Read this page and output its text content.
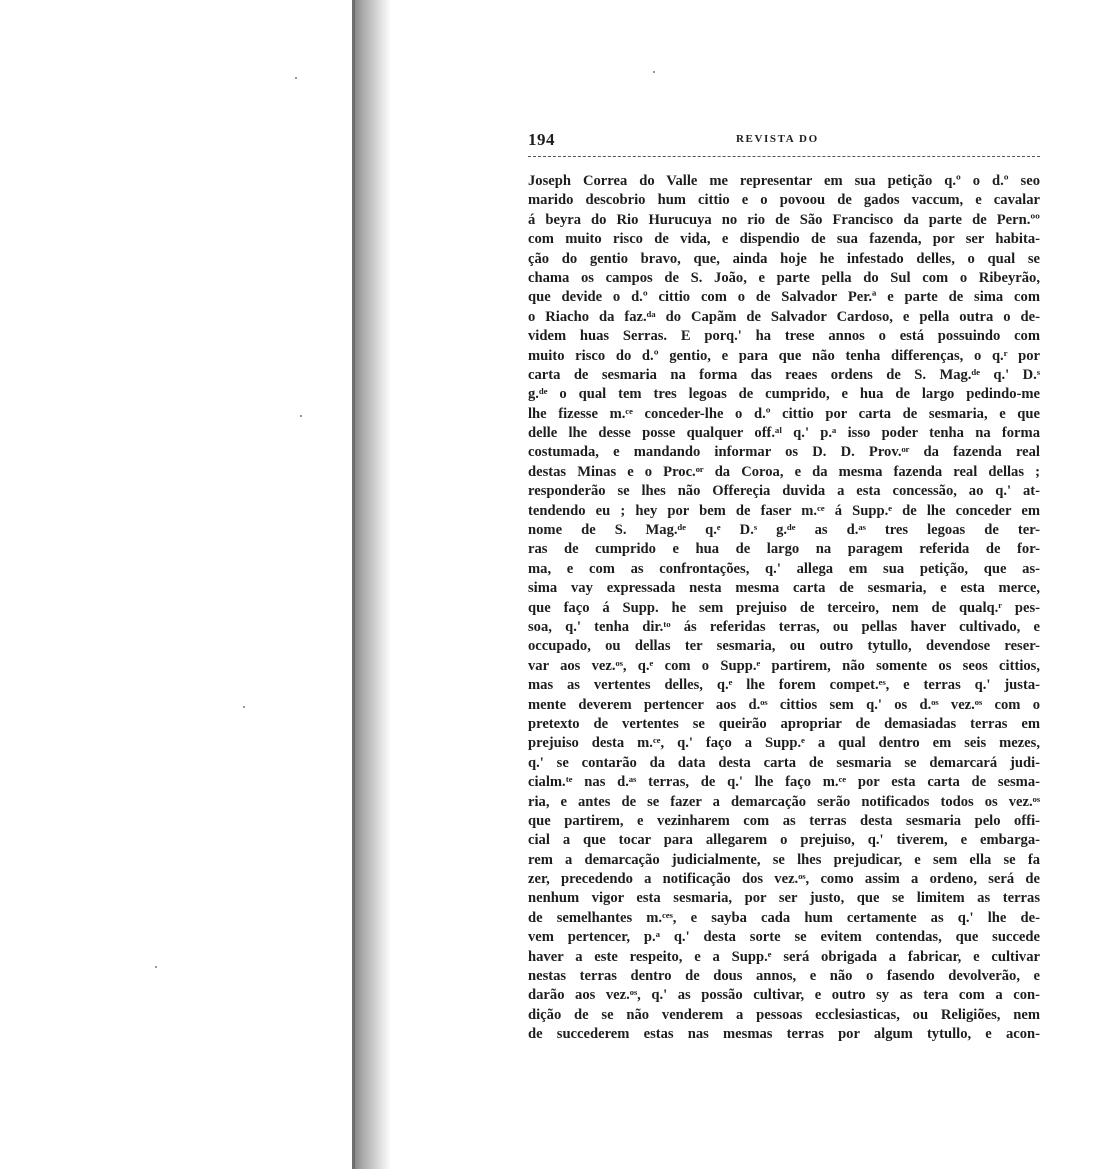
194	REVISTA DO
Joseph Correa do Valle me representar em sua petição q.º o d.º seo
marido descobrio hum cittio e o povoou de gados vaccum, e cavalar
á beyra do Rio Hurucuya no rio de São Francisco da parte de Pern.ºº
com muito risco de vida, e dispendio de sua fazenda, por ser habita-
ção do gentio bravo, que, ainda hoje he infestado delles, o qual se
chama os campos de S. João, e parte pella do Sul com o Ribeyrão,
que devide o d.º cittio com o de Salvador Per.ª e parte de sima com
o Riacho da faz.ᵈᵃ do Capãm de Salvador Cardoso, e pella outra o de-
videm huas Serras. E porq.' ha trese annos o está possuindo com
muito risco do d.º gentio, e para que não tenha differenças, o q.ʳ por
carta de sesmaria na forma das reaes ordens de S. Mag.ᵈᵉ q.' D.ˢ
g.ᵈᵉ o qual tem tres legoas de cumprido, e hua de largo pedindo-me
lhe fizesse m.ᶜᵉ conceder-lhe o d.º cittio por carta de sesmaria, e que
delle lhe desse posse qualquer off.ᵃˡ q.' p.ᵃ isso poder tenha na forma
costumada, e mandando informar os D. D. Prov.ᵒʳ da fazenda real
destas Minas e o Proc.ᵒʳ da Coroa, e da mesma fazenda real dellas ;
responderão se lhes não Offereçia duvida a esta concessão, ao q.' at-
tendendo eu ; hey por bem de faser m.ᶜᵉ á Supp.ᵉ de lhe conceder em
nome de S. Mag.ᵈᵉ q.ᵉ D.ˢ g.ᵈᵉ as d.ᵃˢ tres legoas de ter-
ras de cumprido e hua de largo na paragem referida de for-
ma, e com as confrontações, q.' allega em sua petição, que as-
sima vay expressada nesta mesma carta de sesmaria, e esta merce,
que faço á Supp. he sem prejuiso de terceiro, nem de qualq.ʳ pes-
soa, q.' tenha dir.ᵗᵒ ás referidas terras, ou pellas haver cultivado, e
occupado, ou dellas ter sesmaria, ou outro tytullo, devendose reser-
var aos vez.ᵒˢ, q.ᵉ com o Supp.ᵉ partirem, não somente os seos cittios,
mas as vertentes delles, q.ᵉ lhe forem compet.ᵉˢ, e terras q.' justa-
mente deverem pertencer aos d.ᵒˢ cittios sem q.' os d.ᵒˢ vez.ᵒˢ com o
pretexto de vertentes se queirão apropriar de demasiadas terras em
prejuiso desta m.ᶜᵉ, q.' faço a Supp.ᵉ a qual dentro em seis mezes,
q.' se contarão da data desta carta de sesmaria se demarcará judi-
cialm.ᵗᵉ nas d.ᵃˢ terras, de q.' lhe faço m.ᶜᵉ por esta carta de sesma-
ria, e antes de se fazer a demarcação serão notificados todos os vez.ᵒˢ
que partirem, e vezinharem com as terras desta sesmaria pelo offi-
cial a que tocar para allegarem o prejuiso, q.' tiverem, e embarga-
rem a demarcação judicialmente, se lhes prejudicar, e sem ella se fa
zer, precedendo a notificação dos vez.ᵒˢ, como assim a ordeno, será de
nenhum vigor esta sesmaria, por ser justo, que se limitem as terras
de semelhantes m.ᶜᵉˢ, e sayba cada hum certamente as q.' lhe de-
vem pertencer, p.ᵃ q.' desta sorte se evitem contendas, que succede
haver a este respeito, e a Supp.ᵉ será obrigada a fabricar, e cultivar
nestas terras dentro de dous annos, e não o fasendo devolverão, e
darão aos vez.ᵒˢ, q.' as possão cultivar, e outro sy as tera com a con-
dição de se não venderem a pessoas ecclesiasticas, ou Religiões, nem
de succederem estas nas mesmas terras por algum tytullo, e acon-
